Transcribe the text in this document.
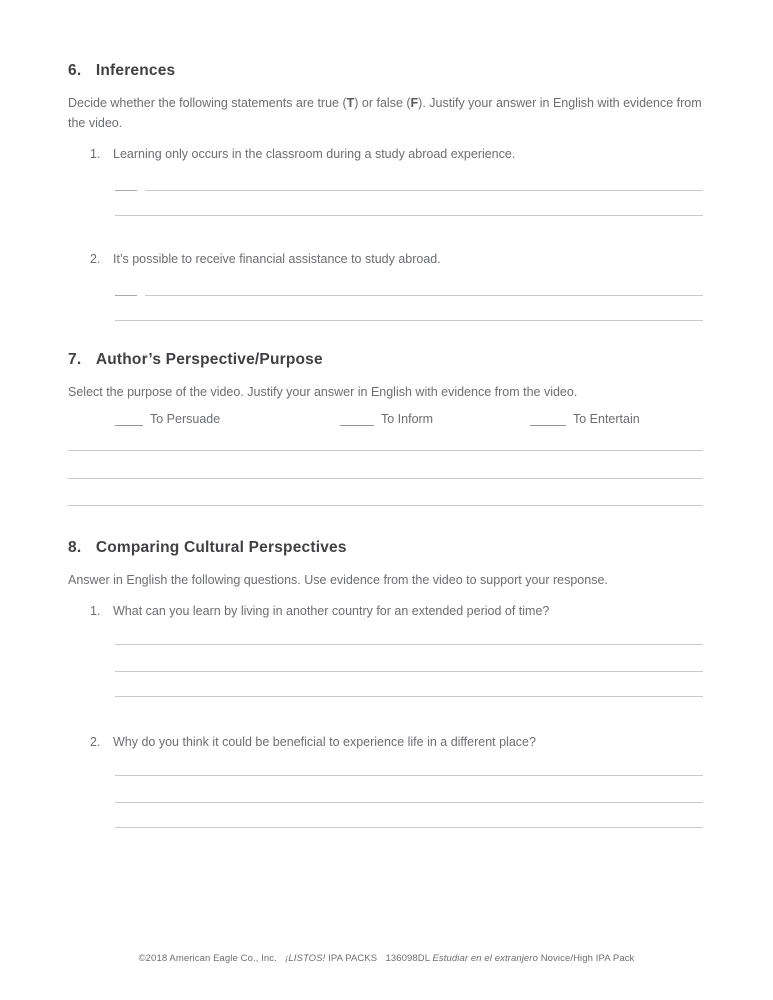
6. Inferences

Decide whether the following statements are true (T) or false (F). Justify your answer in English with evidence from the video.

1.	Learning only occurs in the classroom during a study abroad experience.
2.	It’s possible to receive financial assistance to study abroad.
7. Author’s Perspective/Purpose

Select the purpose of the video. Justify your answer in English with evidence from the video.

To Persuade	To Inform	To Entertain
8. Comparing Cultural Perspectives

Answer in English the following questions. Use evidence from the video to support your response.

1.	What can you learn by living in another country for an extended period of time?
2.	Why do you think it could be beneficial to experience life in a different place?
©2018 American Eagle Co., Inc.   ¡LISTOS! IPA PACKS   136098DL Estudiar en el extranjero Novice/High IPA Pack
